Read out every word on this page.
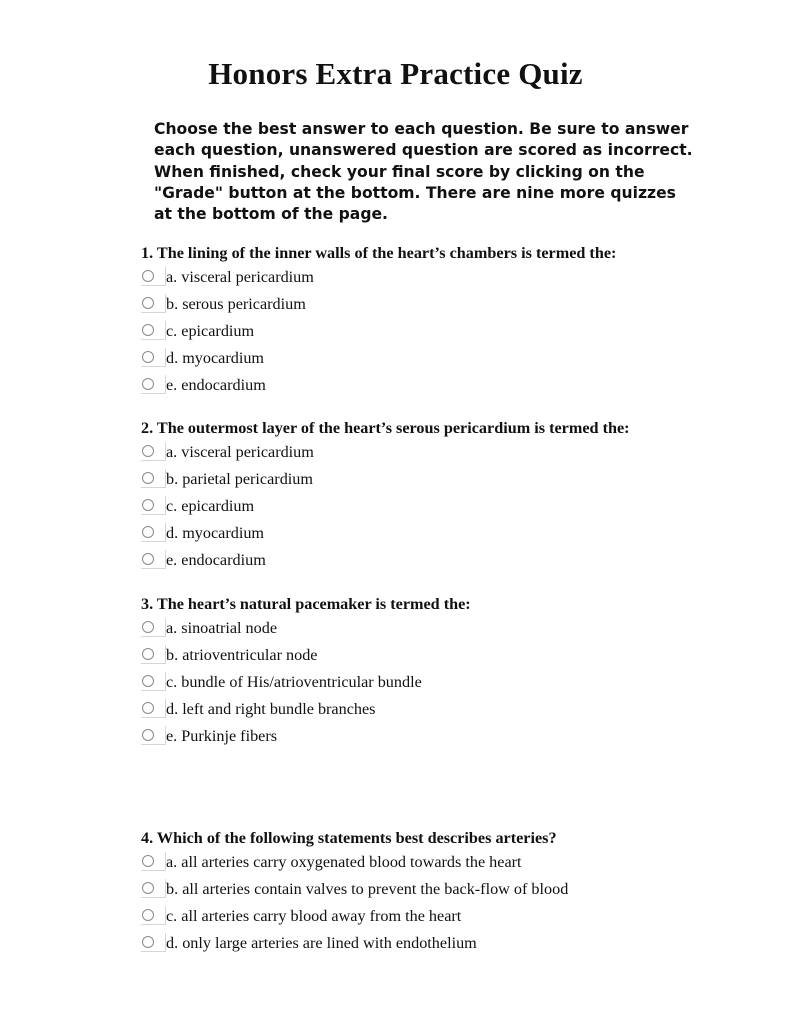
Honors Extra Practice Quiz

Choose the best answer to each question. Be sure to answer
each question, unanswered question are scored as incorrect.
When finished, check your final score by clicking on the
"Grade" button at the bottom. There are nine more quizzes
at the bottom of the page.

1. The lining of the inner walls of the heart’s chambers is termed the:

a. visceral pericardium
b. serous pericardium
c. epicardium
d. myocardium
e. endocardium

2. The outermost layer of the heart’s serous pericardium is termed the:

a. visceral pericardium
b. parietal pericardium
c. epicardium
d. myocardium
e. endocardium

3. The heart’s natural pacemaker is termed the:

a. sinoatrial node
b. atrioventricular node
c. bundle of His/atrioventricular bundle
d. left and right bundle branches
e. Purkinje fibers

4. Which of the following statements best describes arteries?

a. all arteries carry oxygenated blood towards the heart
b. all arteries contain valves to prevent the back-flow of blood
c. all arteries carry blood away from the heart
d. only large arteries are lined with endothelium
